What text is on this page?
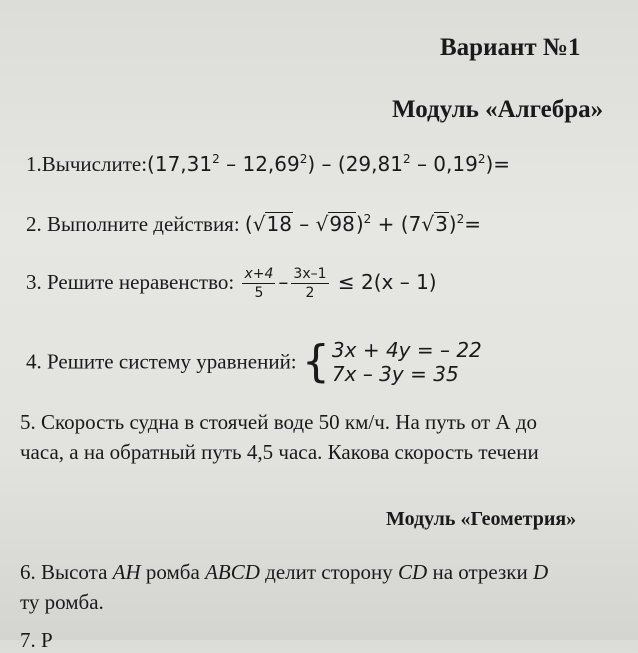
Вариант №1
Модуль «Алгебра»
1.Вычислите:(17,31$^2$ – $12,69^2) - (29,81^2 - 0,19^2)=$
2. Выполните действия: $(√18 - √98)^2 + (7√3)^2=$
3. Решите неравенство: $\frac{x+4}{5} - \frac{3x-1}{2} \le 2(x - 1)$
4. Решите систему уравнений: { 3x + 4y = – 22
7x – 3y = 35
5. Скорость судна в стоячей воде 50 км/ч. На путь от А до
часа, а на обратный путь 4,5 часа. Какова скорость течени
Модуль «Геометрия»
6. Высота AH ромба ABCD делит сторону CD на отрезки D
ту ромба.
7. Р
